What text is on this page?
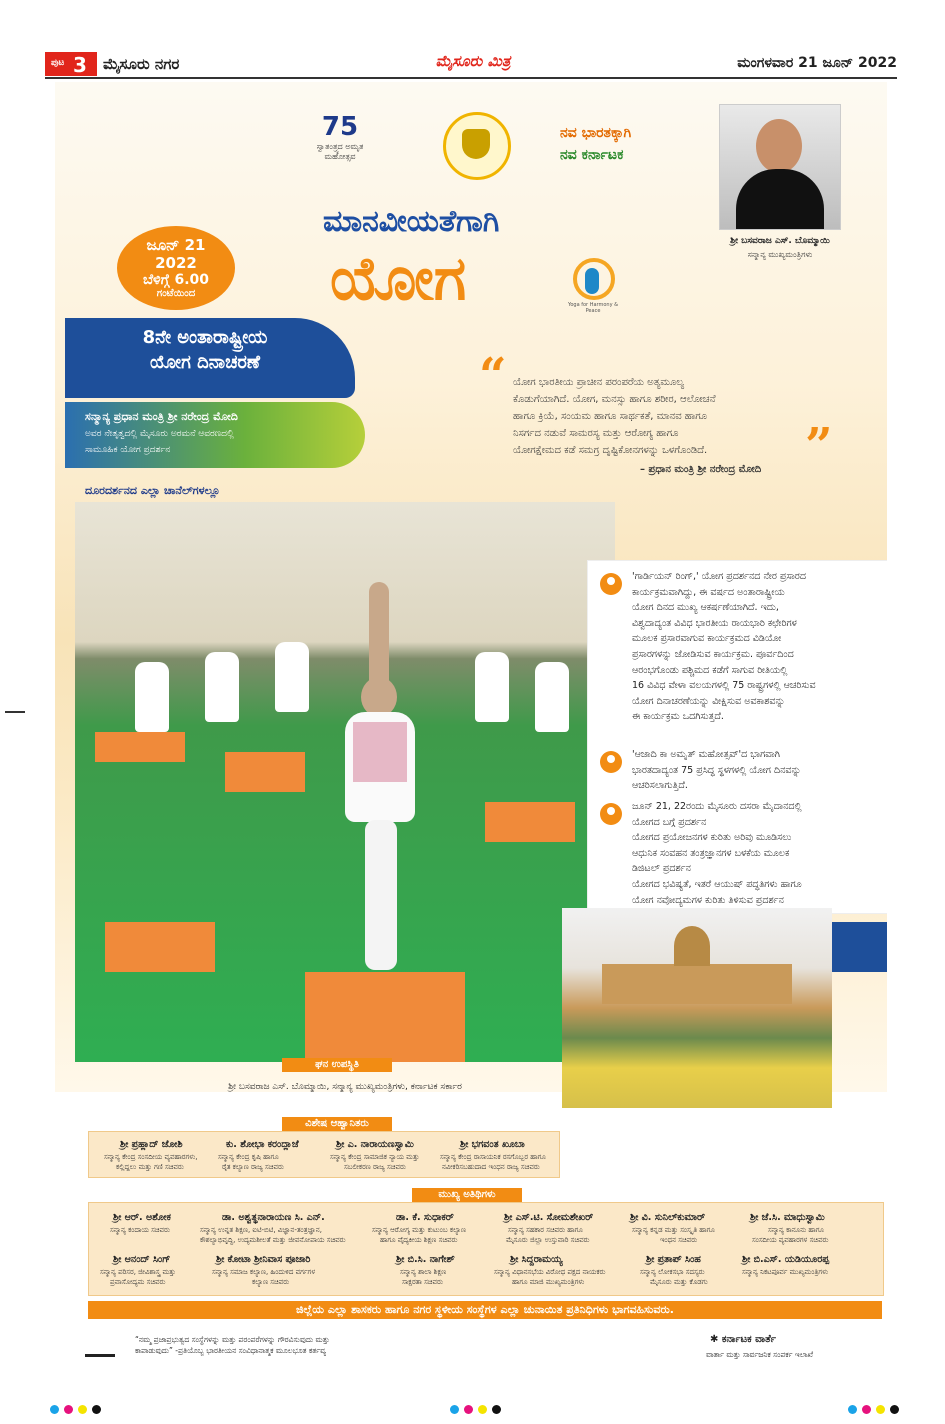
ಪುಟ 3 ಮೈಸೂರು ನಗರ	ಮೈಸೂರು ಮಿತ್ರ	ಮಂಗಳವಾರ 21 ಜೂನ್ 2022
75
ಸ್ವಾತಂತ್ರ್ಯದ ಅಮೃತ ಮಹೋತ್ಸವ
ನವ ಭಾರತಕ್ಕಾಗಿ
ನವ ಕರ್ನಾಟಕ
ಶ್ರೀ ಬಸವರಾಜ ಎಸ್. ಬೊಮ್ಮಾಯಿ
ಸನ್ಮಾನ್ಯ ಮುಖ್ಯಮಂತ್ರಿಗಳು
ಮಾನವೀಯತೆಗಾಗಿ
ಯೋಗ	Yoga for Harmony & Peace
ಜೂನ್ 21
2022
ಬೆಳಿಗ್ಗೆ 6.00
ಗಂಟೆಯಿಂದ
8ನೇ ಅಂತಾರಾಷ್ಟ್ರೀಯ
ಯೋಗ ದಿನಾಚರಣೆ
ಸನ್ಮಾನ್ಯ ಪ್ರಧಾನ ಮಂತ್ರಿ ಶ್ರೀ ನರೇಂದ್ರ ಮೋದಿ
ಅವರ ನೇತೃತ್ವದಲ್ಲಿ ಮೈಸೂರು ಅರಮನೆ ಆವರಣದಲ್ಲಿ
ಸಾಮೂಹಿಕ ಯೋಗ ಪ್ರದರ್ಶನ
ದೂರದರ್ಶನದ ಎಲ್ಲಾ ಚಾನೆಲ್‌ಗಳಲ್ಲೂ
“ ಯೋಗ ಭಾರತೀಯ ಪ್ರಾಚೀನ ಪರಂಪರೆಯ ಅತ್ಯಮೂಲ್ಯ
ಕೊಡುಗೆಯಾಗಿದೆ. ಯೋಗ, ಮನಸ್ಸು ಹಾಗೂ ಶರೀರ, ಆಲೋಚನೆ
ಹಾಗೂ ಕ್ರಿಯೆ, ಸಂಯಮ ಹಾಗೂ ಸಾರ್ಥಕತೆ, ಮಾನವ ಹಾಗೂ
ನಿಸರ್ಗದ ನಡುವೆ ಸಾಮರಸ್ಯ ಮತ್ತು ಆರೋಗ್ಯ ಹಾಗೂ
ಯೋಗಕ್ಷೇಮದ ಕಡೆ ಸಮಗ್ರ ದೃಷ್ಟಿಕೋನಗಳನ್ನು ಒಳಗೊಂಡಿದೆ.	”
– ಪ್ರಧಾನ ಮಂತ್ರಿ ಶ್ರೀ ನರೇಂದ್ರ ಮೋದಿ
'ಗಾರ್ಡಿಯನ್ ರಿಂಗ್,' ಯೋಗ ಪ್ರದರ್ಶನದ ನೇರ ಪ್ರಸಾರದ
ಕಾರ್ಯಕ್ರಮವಾಗಿದ್ದು, ಈ ವರ್ಷದ ಅಂತಾರಾಷ್ಟ್ರೀಯ
ಯೋಗ ದಿನದ ಮುಖ್ಯ ಆಕರ್ಷಣೆಯಾಗಿದೆ. ಇದು,
ವಿಶ್ವದಾದ್ಯಂತ ವಿವಿಧ ಭಾರತೀಯ ರಾಯಭಾರಿ ಕಛೇರಿಗಳ
ಮೂಲಕ ಪ್ರಸಾರವಾಗುವ ಕಾರ್ಯಕ್ರಮದ ವಿಡಿಯೋ
ಪ್ರಸಾರಗಳನ್ನು ಜೋಡಿಸುವ ಕಾರ್ಯಕ್ರಮ. ಪೂರ್ವದಿಂದ
ಆರಂಭಗೊಂಡು ಪಶ್ಚಿಮದ ಕಡೆಗೆ ಸಾಗುವ ರೀತಿಯಲ್ಲಿ
16 ವಿವಿಧ ವೇಳಾ ವಲಯಗಳಲ್ಲಿ 75 ರಾಷ್ಟ್ರಗಳಲ್ಲಿ ಆಚರಿಸುವ
ಯೋಗ ದಿನಾಚರಣೆಯನ್ನು ವೀಕ್ಷಿಸುವ ಅವಕಾಶವನ್ನು
ಈ ಕಾರ್ಯಕ್ರಮ ಒದಗಿಸುತ್ತದೆ.
'ಆಜಾದಿ ಕಾ ಅಮೃತ್ ಮಹೋತ್ಸವ್'ದ ಭಾಗವಾಗಿ
ಭಾರತದಾದ್ಯಂತ 75 ಪ್ರಸಿದ್ಧ ಸ್ಥಳಗಳಲ್ಲಿ ಯೋಗ ದಿನವನ್ನು
ಆಚರಿಸಲಾಗುತ್ತಿದೆ.
ಜೂನ್ 21, 22ರಂದು ಮೈಸೂರು ದಸರಾ ಮೈದಾನದಲ್ಲಿ
ಯೋಗದ ಬಗ್ಗೆ ಪ್ರದರ್ಶನ
ಯೋಗದ ಪ್ರಯೋಜನಗಳ ಕುರಿತು ಅರಿವು ಮೂಡಿಸಲು
ಆಧುನಿಕ ಸಂವಹನ ತಂತ್ರಜ್ಞಾನಗಳ ಬಳಕೆಯ ಮೂಲಕ
ಡಿಜಿಟಲ್ ಪ್ರದರ್ಶನ
ಯೋಗದ ಭವಿಷ್ಯತೆ, ಇತರೆ ಆಯುಷ್ ಪದ್ಧತಿಗಳು ಹಾಗೂ
ಯೋಗ ನವೋದ್ಯಮಗಳ ಕುರಿತು ತಿಳಿಸುವ ಪ್ರದರ್ಶನ
ಘನ ಉಪಸ್ಥಿತಿ
ಶ್ರೀ ಬಸವರಾಜ ಎಸ್. ಬೊಮ್ಮಾಯಿ, ಸನ್ಮಾನ್ಯ ಮುಖ್ಯಮಂತ್ರಿಗಳು, ಕರ್ನಾಟಕ ಸರ್ಕಾರ
ವಿಶೇಷ ಆಹ್ವಾನಿತರು
ಶ್ರೀ ಪ್ರಹ್ಲಾದ್ ಜೋಶಿ
ಸನ್ಮಾನ್ಯ ಕೇಂದ್ರ ಸಂಸದೀಯ ವ್ಯವಹಾರಗಳು,
ಕಲ್ಲಿದ್ದಲು ಮತ್ತು ಗಣಿ ಸಚಿವರು
ಕು. ಶೋಭಾ ಕರಂದ್ಲಾಜೆ
ಸನ್ಮಾನ್ಯ ಕೇಂದ್ರ ಕೃಷಿ ಹಾಗೂ
ರೈತ ಕಲ್ಯಾಣ ರಾಜ್ಯ ಸಚಿವರು
ಶ್ರೀ ಎ. ನಾರಾಯಣಸ್ವಾಮಿ
ಸನ್ಮಾನ್ಯ ಕೇಂದ್ರ ಸಾಮಾಜಿಕ ನ್ಯಾಯ ಮತ್ತು
ಸಬಲೀಕರಣ ರಾಜ್ಯ ಸಚಿವರು
ಶ್ರೀ ಭಗವಂತ ಖೂಬಾ
ಸನ್ಮಾನ್ಯ ಕೇಂದ್ರ ರಾಸಾಯನಿಕ ರಸಗೊಬ್ಬರ ಹಾಗೂ
ನವೀಕರಿಸಬಹುದಾದ ಇಂಧನ ರಾಜ್ಯ ಸಚಿವರು
ಮುಖ್ಯ ಅತಿಥಿಗಳು
ಶ್ರೀ ಆರ್. ಅಶೋಕ
ಸನ್ಮಾನ್ಯ ಕಂದಾಯ ಸಚಿವರು
ಡಾ. ಅಶ್ವತ್ಥನಾರಾಯಣ ಸಿ. ಎನ್.
ಸನ್ಮಾನ್ಯ ಉನ್ನತ ಶಿಕ್ಷಣ, ಐಟಿ-ಬಿಟಿ, ವಿಜ್ಞಾನ-ತಂತ್ರಜ್ಞಾನ,
ಕೌಶಲ್ಯಾಭಿವೃದ್ಧಿ, ಉದ್ಯಮಶೀಲತೆ ಮತ್ತು ಜೀವನೋಪಾಯ ಸಚಿವರು
ಡಾ. ಕೆ. ಸುಧಾಕರ್
ಸನ್ಮಾನ್ಯ ಆರೋಗ್ಯ ಮತ್ತು ಕುಟುಂಬ ಕಲ್ಯಾಣ
ಹಾಗೂ ವೈದ್ಯಕೀಯ ಶಿಕ್ಷಣ ಸಚಿವರು
ಶ್ರೀ ಎಸ್.ಟಿ. ಸೋಮಶೇಖರ್
ಸನ್ಮಾನ್ಯ ಸಹಕಾರ ಸಚಿವರು ಹಾಗೂ
ಮೈಸೂರು ಜಿಲ್ಲಾ ಉಸ್ತುವಾರಿ ಸಚಿವರು
ಶ್ರೀ ವಿ. ಸುನಿಲ್‌ಕುಮಾರ್
ಸನ್ಮಾನ್ಯ ಕನ್ನಡ ಮತ್ತು ಸಂಸ್ಕೃತಿ ಹಾಗೂ
ಇಂಧನ ಸಚಿವರು
ಶ್ರೀ ಜೆ.ಸಿ. ಮಾಧುಸ್ವಾಮಿ
ಸನ್ಮಾನ್ಯ ಕಾನೂನು ಹಾಗೂ
ಸಂಸದೀಯ ವ್ಯವಹಾರಗಳ ಸಚಿವರು
ಶ್ರೀ ಆನಂದ್ ಸಿಂಗ್
ಸನ್ಮಾನ್ಯ ಪರಿಸರ, ಜೀವಿಶಾಸ್ತ್ರ ಮತ್ತು
ಪ್ರವಾಸೋದ್ಯಮ ಸಚಿವರು
ಶ್ರೀ ಕೋಟಾ ಶ್ರೀನಿವಾಸ ಪೂಜಾರಿ
ಸನ್ಮಾನ್ಯ ಸಮಾಜ ಕಲ್ಯಾಣ, ಹಿಂದುಳಿದ ವರ್ಗಗಳ
ಕಲ್ಯಾಣ ಸಚಿವರು
ಶ್ರೀ ಬಿ.ಸಿ. ನಾಗೇಶ್
ಸನ್ಮಾನ್ಯ ಶಾಲಾ ಶಿಕ್ಷಣ
ಸಾಕ್ಷರತಾ ಸಚಿವರು
ಶ್ರೀ ಸಿದ್ದರಾಮಯ್ಯ
ಸನ್ಮಾನ್ಯ ವಿಧಾನಸಭೆಯ ವಿರೋಧ ಪಕ್ಷದ ನಾಯಕರು
ಹಾಗೂ ಮಾಜಿ ಮುಖ್ಯಮಂತ್ರಿಗಳು
ಶ್ರೀ ಪ್ರತಾಪ್ ಸಿಂಹ
ಸನ್ಮಾನ್ಯ ಲೋಕಸಭಾ ಸದಸ್ಯರು
ಮೈಸೂರು ಮತ್ತು ಕೊಡಗು
ಶ್ರೀ ಬಿ.ಎಸ್. ಯಡಿಯೂರಪ್ಪ
ಸನ್ಮಾನ್ಯ ನಿಕಟಪೂರ್ವ ಮುಖ್ಯಮಂತ್ರಿಗಳು
ಜಿಲ್ಲೆಯ ಎಲ್ಲಾ ಶಾಸಕರು ಹಾಗೂ ನಗರ ಸ್ಥಳೀಯ ಸಂಸ್ಥೆಗಳ ಎಲ್ಲಾ ಚುನಾಯಿತ ಪ್ರತಿನಿಧಿಗಳು ಭಾಗವಹಿಸುವರು.
“ನಮ್ಮ ಪ್ರಜಾಪ್ರಭುತ್ವದ ಸಂಸ್ಥೆಗಳನ್ನು ಮತ್ತು ಪರಂಪರೆಗಳನ್ನು ಗೌರವಿಸುವುದು ಮತ್ತು
ಕಾಪಾಡುವುದು” -ಪ್ರತಿಯೊಬ್ಬ ಭಾರತೀಯನ ಸಂವಿಧಾನಾತ್ಮಕ ಮೂಲಭೂತ ಕರ್ತವ್ಯ
✱ ಕರ್ನಾಟಕ ವಾರ್ತೆ
ವಾರ್ತಾ ಮತ್ತು ಸಾರ್ವಜನಿಕ ಸಂಪರ್ಕ ಇಲಾಖೆ
